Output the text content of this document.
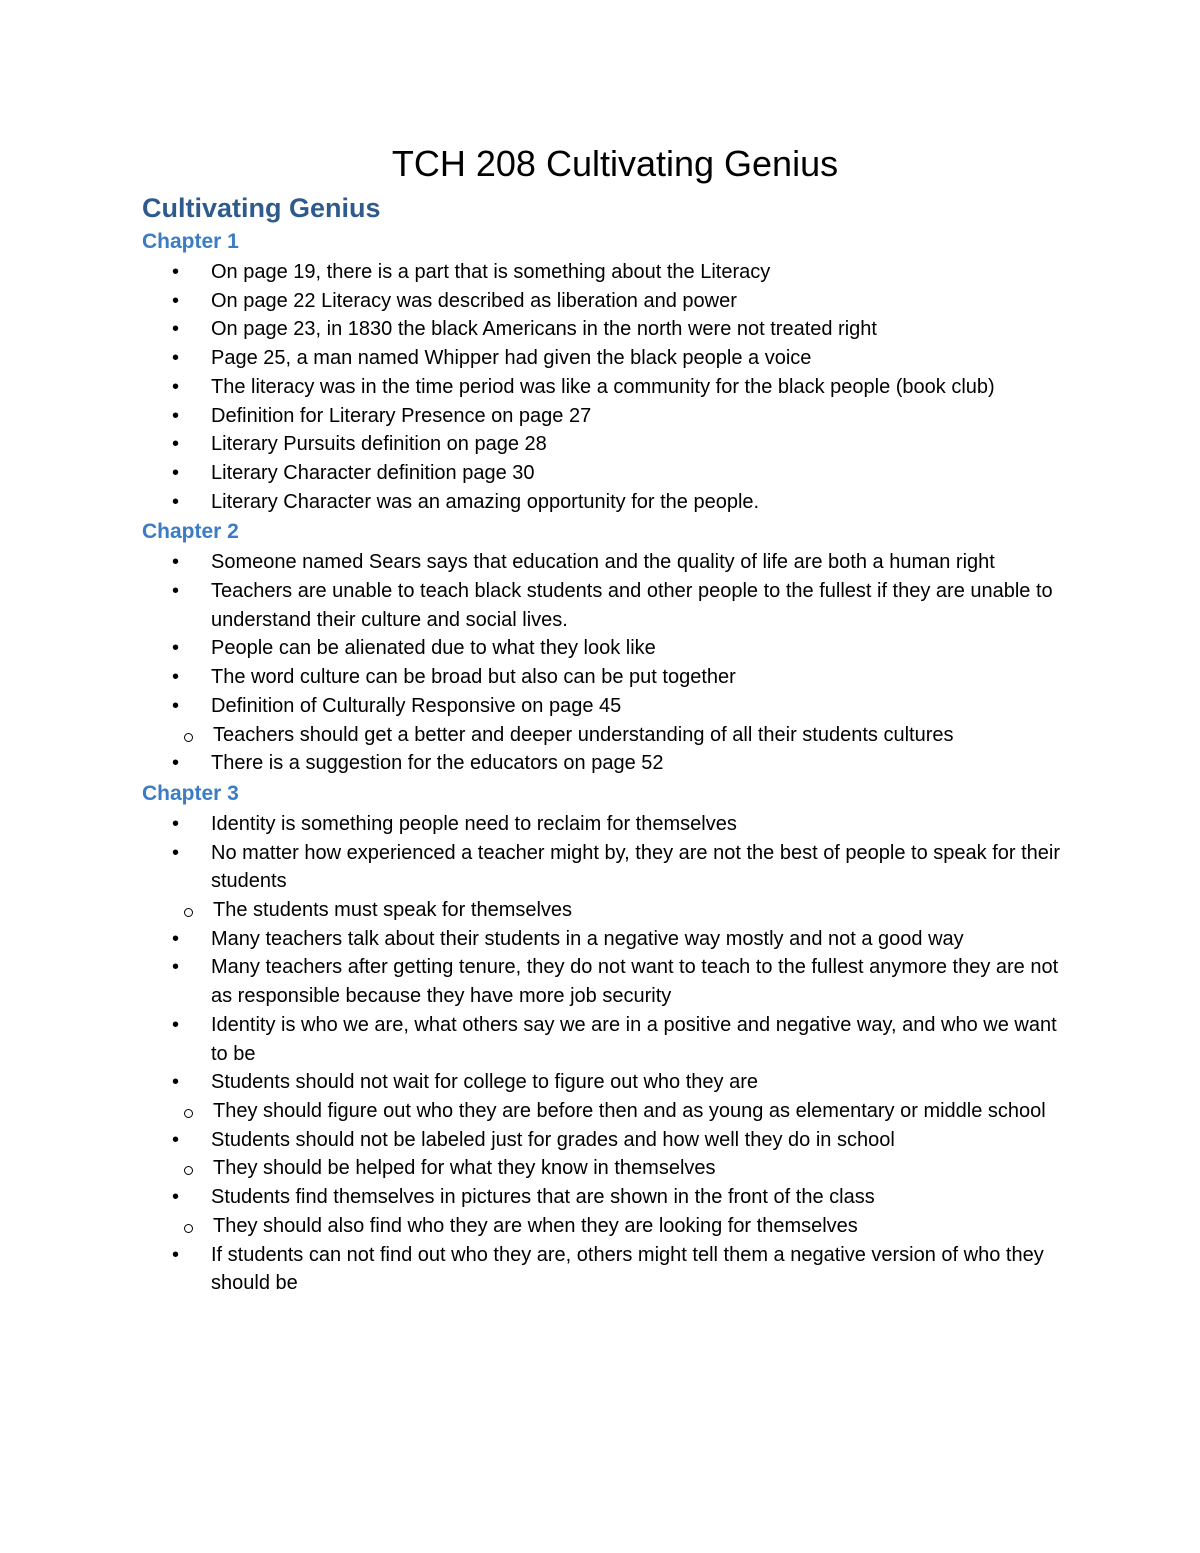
TCH 208 Cultivating Genius
Cultivating Genius
Chapter 1
• On page 19, there is a part that is something about the Literacy
• On page 22 Literacy was described as liberation and power
• On page 23, in 1830 the black Americans in the north were not treated right
• Page 25, a man named Whipper had given the black people a voice
• The literacy was in the time period was like a community for the black people (book club)
• Definition for Literary Presence on page 27
• Literary Pursuits definition on page 28
• Literary Character definition page 30
• Literary Character was an amazing opportunity for the people.
Chapter 2
• Someone named Sears says that education and the quality of life are both a human right
• Teachers are unable to teach black students and other people to the fullest if they are unable to understand their culture and social lives.
• People can be alienated due to what they look like
• The word culture can be broad but also can be put together
• Definition of Culturally Responsive on page 45
Teachers should get a better and deeper understanding of all their students cultures
• There is a suggestion for the educators on page 52
Chapter 3
• Identity is something people need to reclaim for themselves
• No matter how experienced a teacher might by, they are not the best of people to speak for their students
The students must speak for themselves
• Many teachers talk about their students in a negative way mostly and not a good way
• Many teachers after getting tenure, they do not want to teach to the fullest anymore they are not as responsible because they have more job security
• Identity is who we are, what others say we are in a positive and negative way, and who we want to be
• Students should not wait for college to figure out who they are
They should figure out who they are before then and as young as elementary or middle school
• Students should not be labeled just for grades and how well they do in school
They should be helped for what they know in themselves
• Students find themselves in pictures that are shown in the front of the class
They should also find who they are when they are looking for themselves
• If students can not find out who they are, others might tell them a negative version of who they should be
